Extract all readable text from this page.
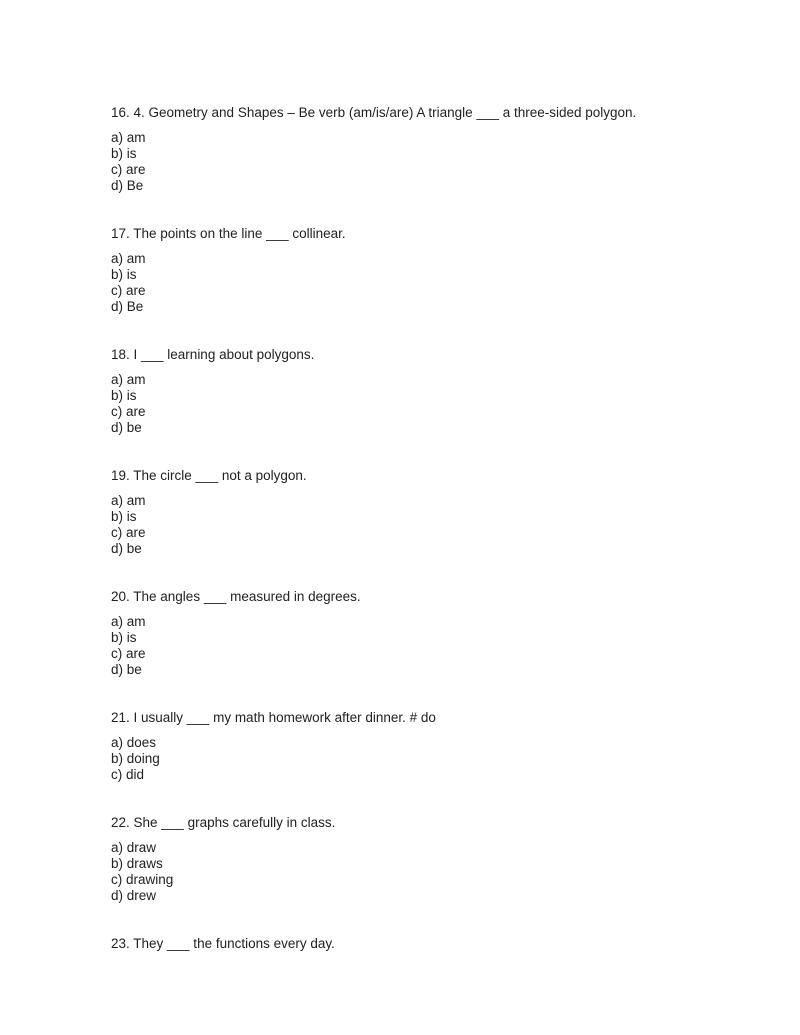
16. 4. Geometry and Shapes – Be verb (am/is/are) A triangle ___ a three-sided polygon.

a) am
b) is
c) are
d) Be

17. The points on the line ___ collinear.

a) am
b) is
c) are
d) Be

18. I ___ learning about polygons.

a) am
b) is
c) are
d) be

19. The circle ___ not a polygon.

a) am
b) is
c) are
d) be

20. The angles ___ measured in degrees.

a) am
b) is
c) are
d) be

21. I usually ___ my math homework after dinner. # do

a) does
b) doing
c) did

22. She ___ graphs carefully in class.

a) draw
b) draws
c) drawing
d) drew

23. They ___ the functions every day.
